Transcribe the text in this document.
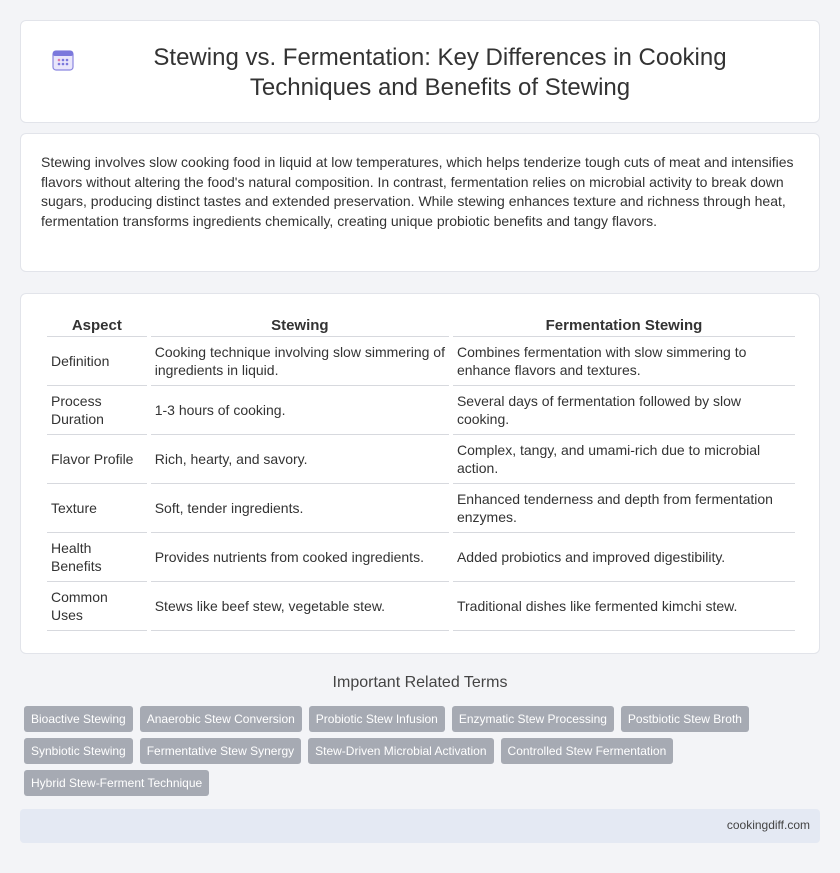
Stewing vs. Fermentation: Key Differences in Cooking Techniques and Benefits of Stewing

Stewing involves slow cooking food in liquid at low temperatures, which helps tenderize tough cuts of meat and intensifies flavors without altering the food's natural composition. In contrast, fermentation relies on microbial activity to break down sugars, producing distinct tastes and extended preservation. While stewing enhances texture and richness through heat, fermentation transforms ingredients chemically, creating unique probiotic benefits and tangy flavors.

Aspect	Stewing	Fermentation Stewing
Definition	Cooking technique involving slow simmering of ingredients in liquid.	Combines fermentation with slow simmering to enhance flavors and textures.
Process Duration	1-3 hours of cooking.	Several days of fermentation followed by slow cooking.
Flavor Profile	Rich, hearty, and savory.	Complex, tangy, and umami-rich due to microbial action.
Texture	Soft, tender ingredients.	Enhanced tenderness and depth from fermentation enzymes.
Health Benefits	Provides nutrients from cooked ingredients.	Added probiotics and improved digestibility.
Common Uses	Stews like beef stew, vegetable stew.	Traditional dishes like fermented kimchi stew.
Important Related Terms
Bioactive Stewing	Anaerobic Stew Conversion	Probiotic Stew Infusion	Enzymatic Stew Processing	Postbiotic Stew Broth
Synbiotic Stewing	Fermentative Stew Synergy	Stew-Driven Microbial Activation	Controlled Stew Fermentation
Hybrid Stew-Ferment Technique
cookingdiff.com
